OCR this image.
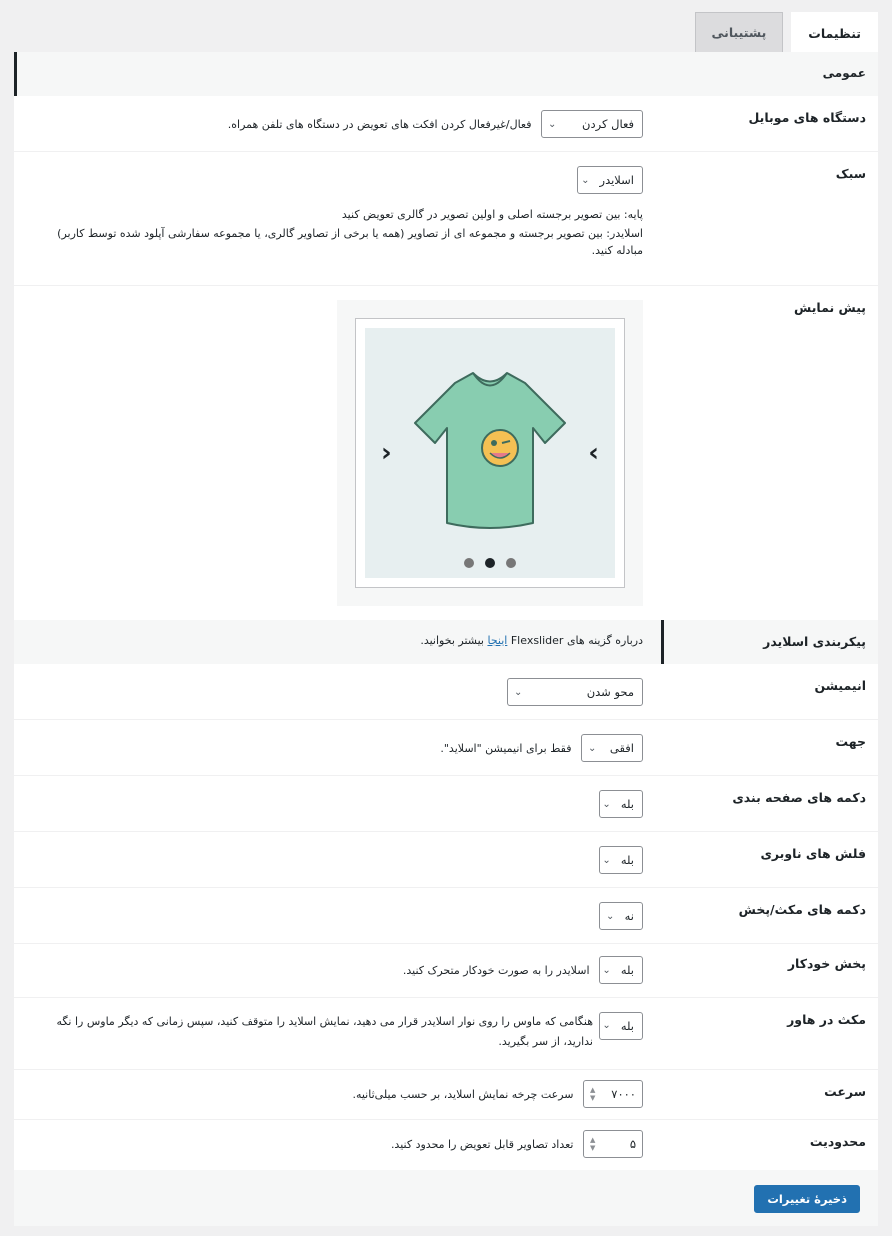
تنظیمات
پشتیبانی
عمومی
دستگاه های موبایل
فعال کردن
⌄
فعال/غیرفعال کردن افکت های تعویض در دستگاه های تلفن همراه.
سبک
اسلایدر
⌄

پایه: بین تصویر برجسته اصلی و اولین تصویر در گالری تعویض کنید

اسلایدر: بین تصویر برجسته و مجموعه ای از تصاویر (همه یا برخی از تصاویر گالری، یا مجموعه سفارشی آپلود شده توسط کاربر) مبادله کنید.

پیش نمایش
‹	›
پیکربندی اسلایدر
درباره گزینه های Flexslider اینجا بیشتر بخوانید.
انیمیشن
محو شدن
⌄
جهت
افقی
⌄
فقط برای انیمیشن "اسلاید".
دکمه های صفحه بندی
بله
⌄
فلش های ناوبری
بله
⌄
دکمه های مکث/پخش
نه
⌄
پخش خودکار
بله
⌄
اسلایدر را به صورت خودکار متحرک کنید.
مکث در هاور
بله
⌄
هنگامی که ماوس را روی نوار اسلایدر قرار می دهید، نمایش اسلاید را متوقف کنید، سپس زمانی که دیگر ماوس را نگه ندارید، از سر بگیرید.
سرعت
۷۰۰۰
▲
▼
سرعت چرخه نمایش اسلاید، بر حسب میلی‌ثانیه.
محدودیت
۵
▲
▼
تعداد تصاویر قابل تعویض را محدود کنید.
ذخیرهٔ تغییرات
